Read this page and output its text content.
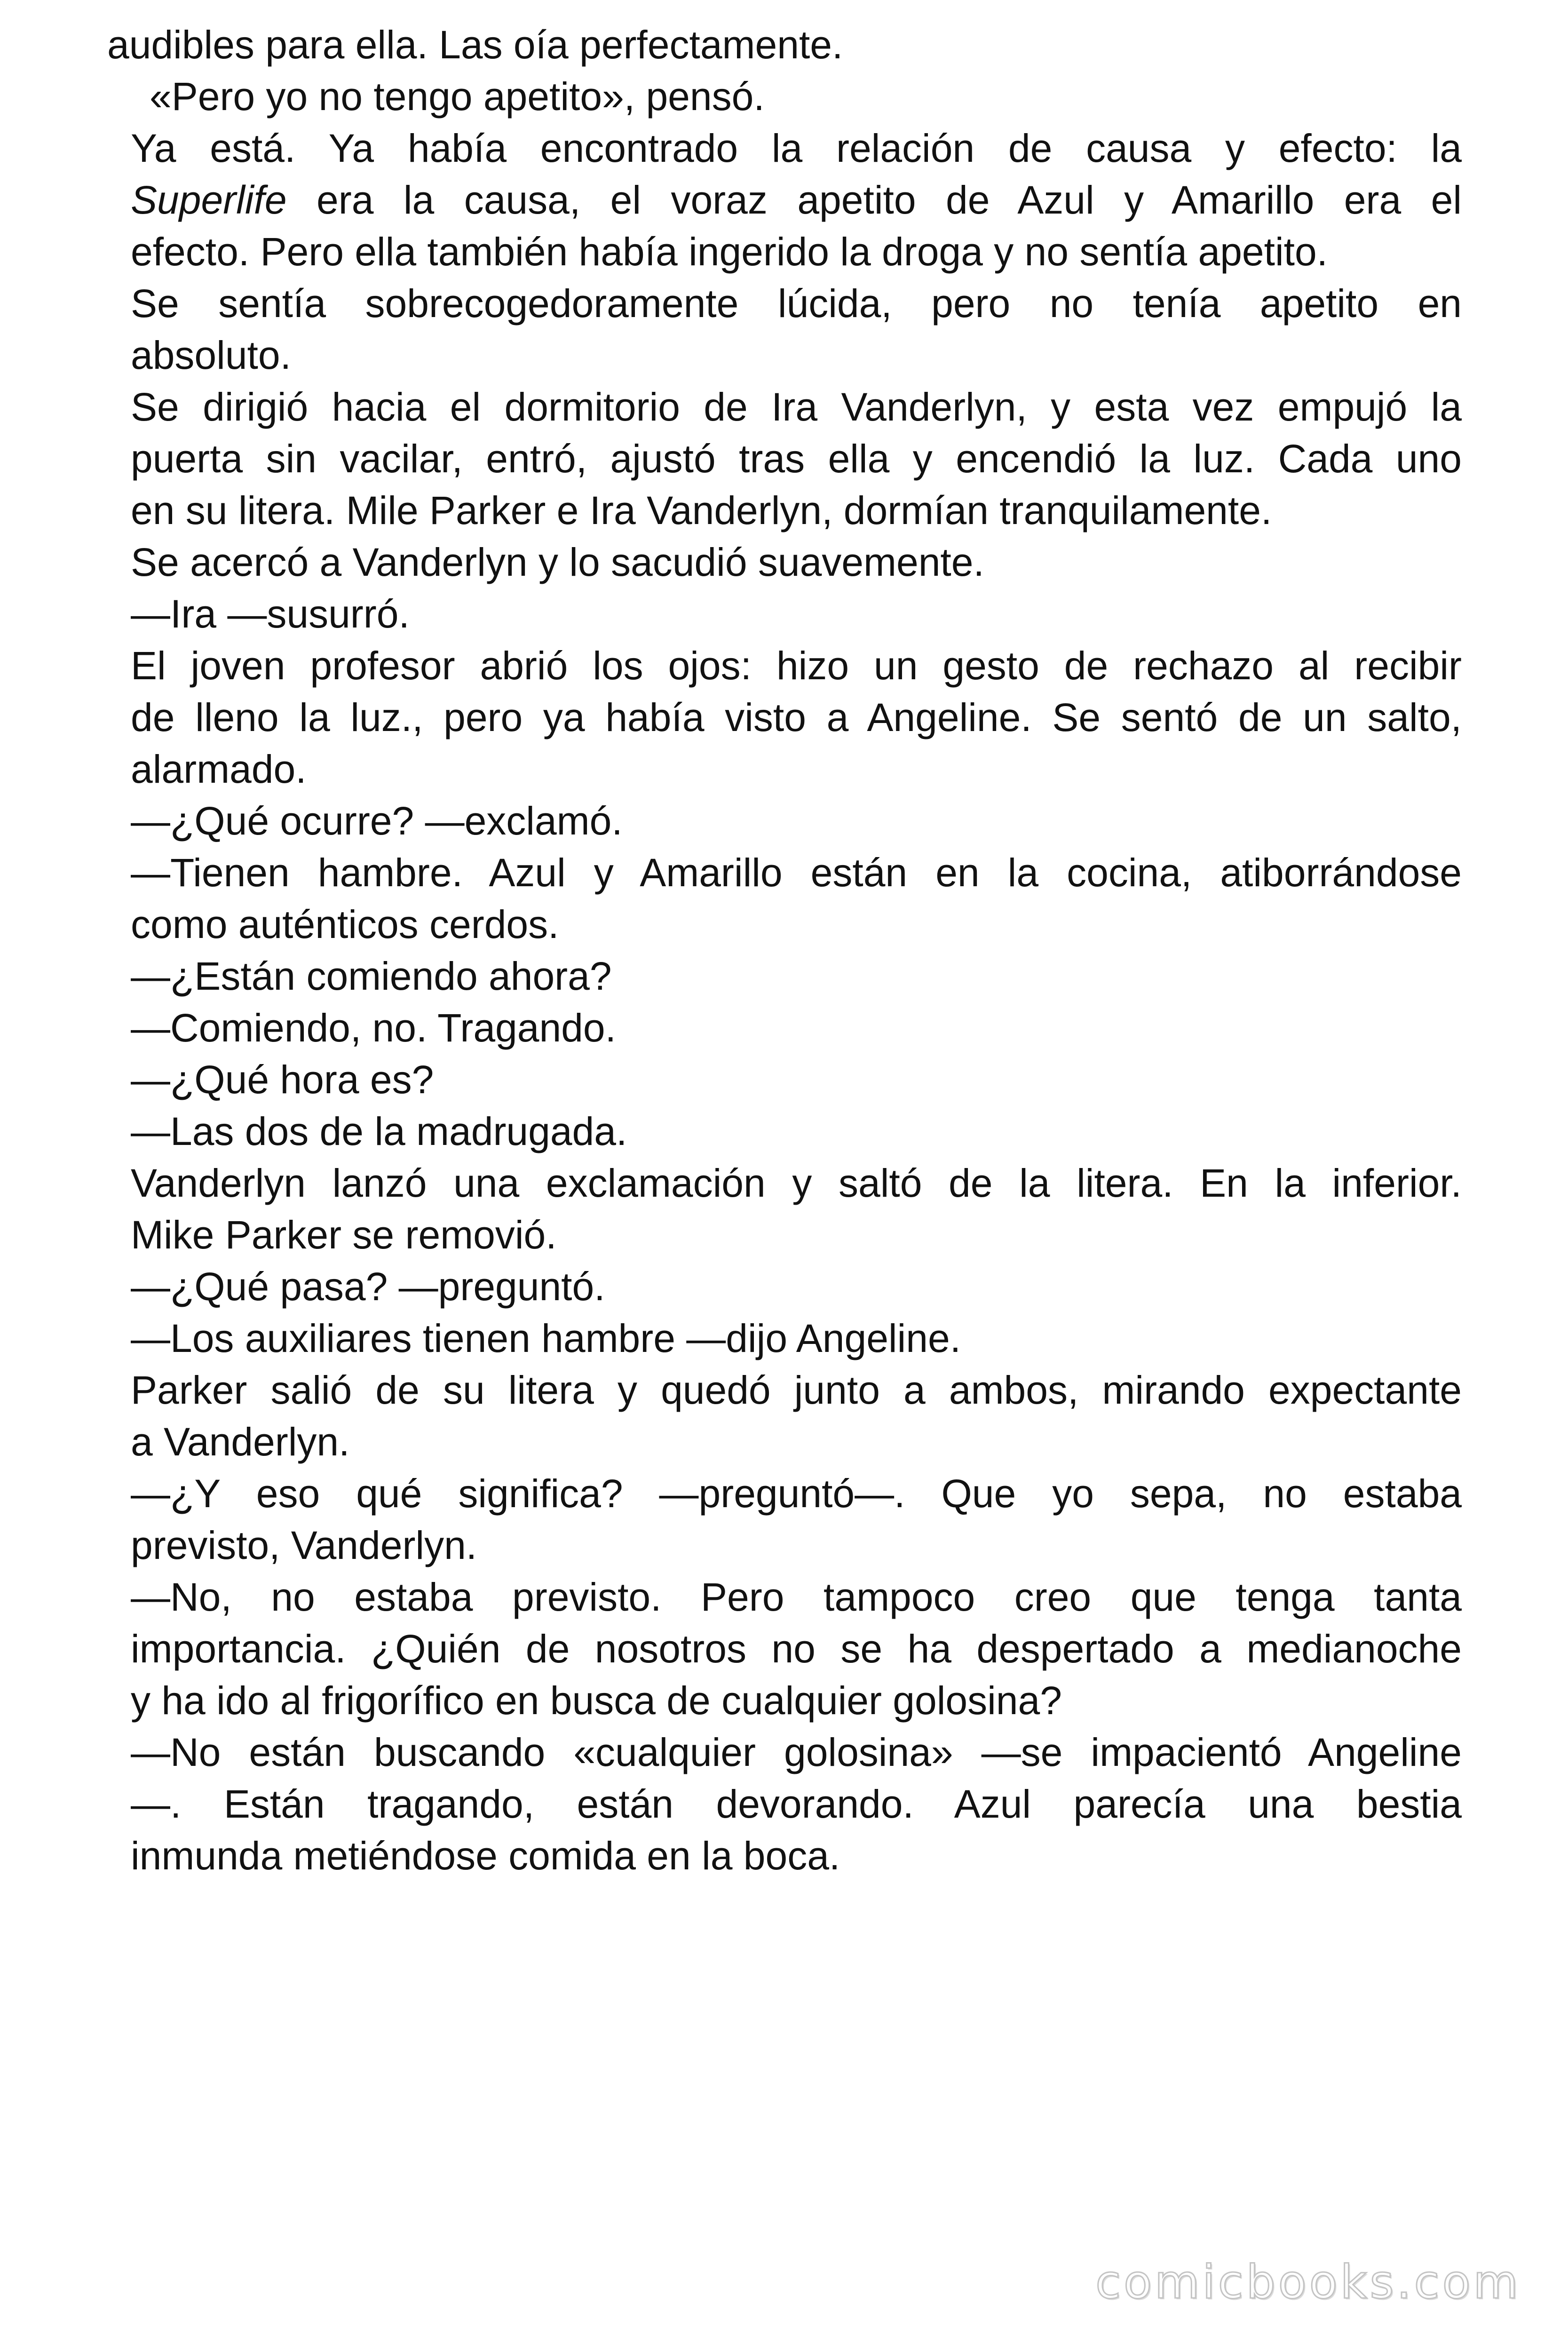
audibles para ella. Las oía perfectamente.
«Pero yo no tengo apetito», pensó.
Ya está. Ya había encontrado la relación de causa y efecto: la
Superlife era la causa, el voraz apetito de Azul y Amarillo era el
efecto. Pero ella también había ingerido la droga y no sentía apetito.
Se sentía sobrecogedoramente lúcida, pero no tenía apetito en
absoluto.
Se dirigió hacia el dormitorio de Ira Vanderlyn, y esta vez empujó la
puerta sin vacilar, entró, ajustó tras ella y encendió la luz. Cada uno
en su litera. Mile Parker e Ira Vanderlyn, dormían tranquilamente.
Se acercó a Vanderlyn y lo sacudió suavemente.
—Ira —susurró.
El joven profesor abrió los ojos: hizo un gesto de rechazo al recibir
de lleno la luz., pero ya había visto a Angeline. Se sentó de un salto,
alarmado.
—¿Qué ocurre? —exclamó.
—Tienen hambre. Azul y Amarillo están en la cocina, atiborrándose
como auténticos cerdos.
—¿Están comiendo ahora?
—Comiendo, no. Tragando.
—¿Qué hora es?
—Las dos de la madrugada.
Vanderlyn lanzó una exclamación y saltó de la litera. En la inferior.
Mike Parker se removió.
—¿Qué pasa? —preguntó.
—Los auxiliares tienen hambre —dijo Angeline.
Parker salió de su litera y quedó junto a ambos, mirando expectante
a Vanderlyn.
—¿Y eso qué significa? —preguntó—. Que yo sepa, no estaba
previsto, Vanderlyn.
—No, no estaba previsto. Pero tampoco creo que tenga tanta
importancia. ¿Quién de nosotros no se ha despertado a medianoche
y ha ido al frigorífico en busca de cualquier golosina?
—No están buscando «cualquier golosina» —se impacientó Angeline
—. Están tragando, están devorando. Azul parecía una bestia
inmunda metiéndose comida en la boca.
comicbooks.com
